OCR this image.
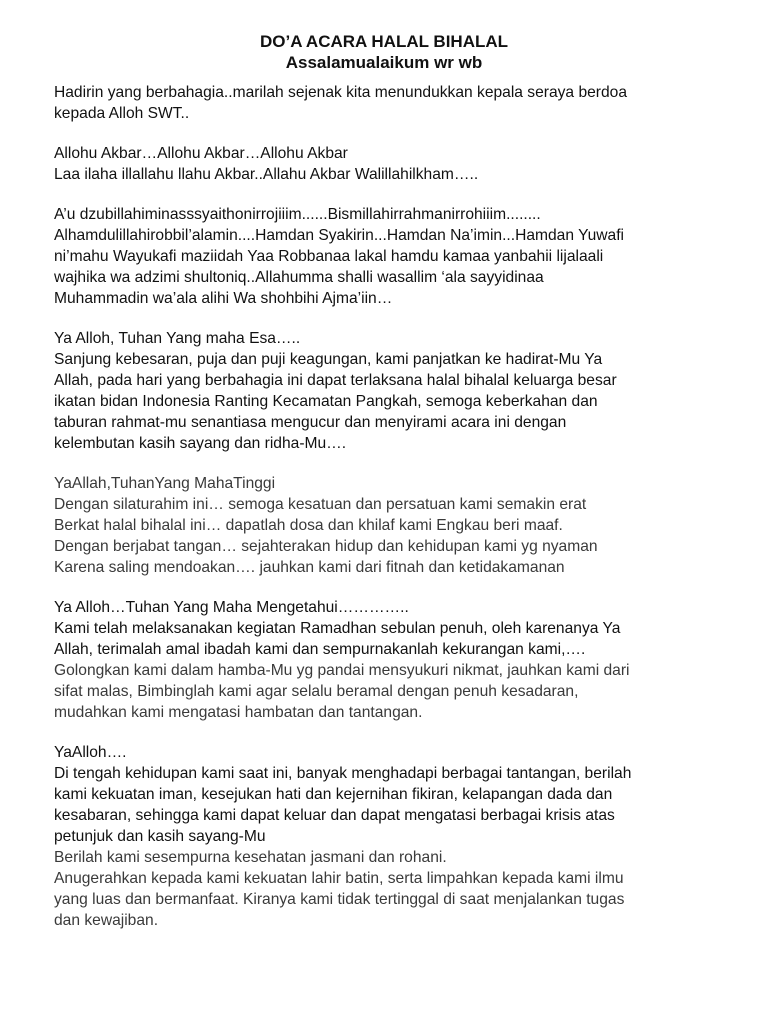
DO’A ACARA HALAL BIHALAL
Assalamualaikum wr wb
Hadirin yang berbahagia..marilah sejenak kita menundukkan kepala seraya berdoa
kepada Alloh SWT..
Allohu Akbar…Allohu Akbar…Allohu Akbar
Laa ilaha illallahu llahu Akbar..Allahu Akbar Walillahilkham…..
A’u dzubillahiminasssyaithonirrojiiim......Bismillahirrahmanirrohiiim........
Alhamdulillahirobbil’alamin....Hamdan Syakirin...Hamdan Na’imin...Hamdan Yuwafi
ni’mahu Wayukafi maziidah Yaa Robbanaa lakal hamdu kamaa yanbahii lijalaali
wajhika wa adzimi shultoniq..Allahumma shalli wasallim ‘ala sayyidinaa
Muhammadin wa’ala alihi Wa shohbihi Ajma’iin…
Ya Alloh, Tuhan Yang maha Esa…..
Sanjung kebesaran, puja dan puji keagungan, kami panjatkan ke hadirat-Mu Ya
Allah, pada hari yang berbahagia ini dapat terlaksana halal bihalal keluarga besar
ikatan bidan Indonesia Ranting Kecamatan Pangkah, semoga keberkahan dan
taburan rahmat-mu senantiasa mengucur dan menyirami acara ini dengan
kelembutan kasih sayang dan ridha-Mu….
YaAllah,TuhanYang MahaTinggi
Dengan silaturahim ini… semoga kesatuan dan persatuan kami semakin erat
Berkat halal bihalal ini… dapatlah dosa dan khilaf kami Engkau beri maaf.
Dengan berjabat tangan… sejahterakan hidup dan kehidupan kami yg nyaman
Karena saling mendoakan…. jauhkan kami dari fitnah dan ketidakamanan
Ya Alloh…Tuhan Yang Maha Mengetahui…………..
Kami telah melaksanakan kegiatan Ramadhan sebulan penuh, oleh karenanya Ya
Allah, terimalah amal ibadah kami dan sempurnakanlah kekurangan kami,….
Golongkan kami dalam hamba-Mu yg pandai mensyukuri nikmat, jauhkan kami dari
sifat malas, Bimbinglah kami agar selalu beramal dengan penuh kesadaran,
mudahkan kami mengatasi hambatan dan tantangan.
YaAlloh….
Di tengah kehidupan kami saat ini, banyak menghadapi berbagai tantangan, berilah
kami kekuatan iman, kesejukan hati dan kejernihan fikiran, kelapangan dada dan
kesabaran, sehingga kami dapat keluar dan dapat mengatasi berbagai krisis atas
petunjuk dan kasih sayang-Mu
Berilah kami sesempurna kesehatan jasmani dan rohani.
Anugerahkan kepada kami kekuatan lahir batin, serta limpahkan kepada kami ilmu
yang luas dan bermanfaat. Kiranya kami tidak tertinggal di saat menjalankan tugas
dan kewajiban.
